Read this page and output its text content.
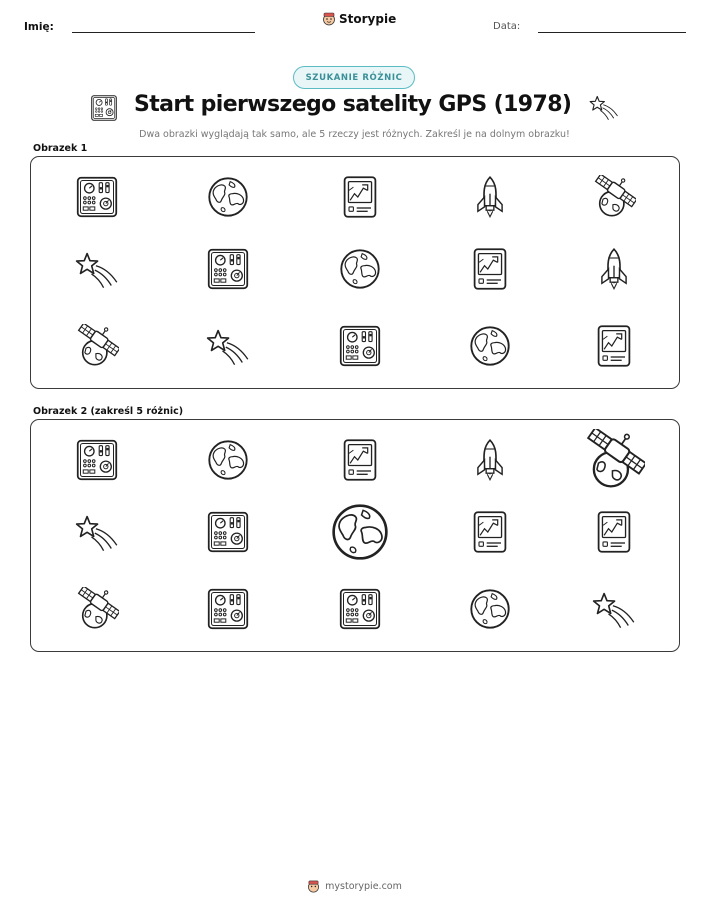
Imię:
Storypie
Data:
SZUKANIE RÓŻNIC
Start pierwszego satelity GPS (1978)
Dwa obrazki wyglądają tak samo, ale 5 rzeczy jest różnych. Zakreśl je na dolnym obrazku!
Obrazek 1
Obrazek 2 (zakreśl 5 różnic)
mystorypie.com
